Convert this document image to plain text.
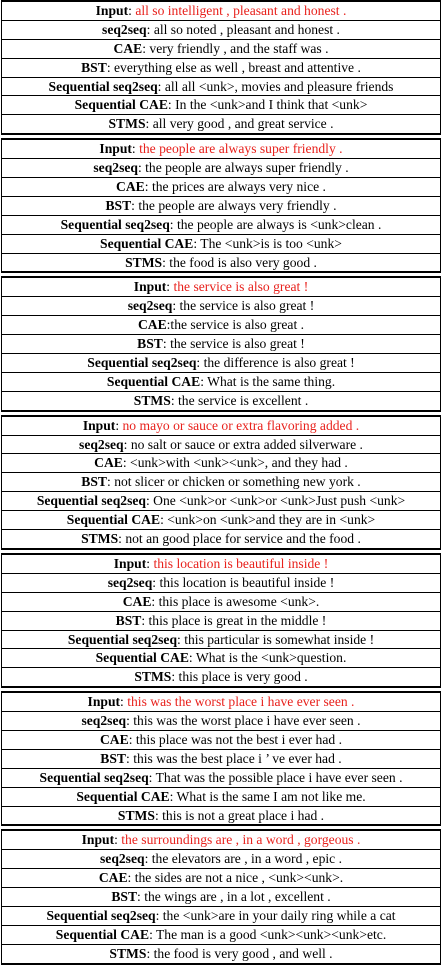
Input: all so intelligent , pleasant and honest .
seq2seq: all so noted , pleasant and honest .
CAE: very friendly , and the staff was .
BST: everything else as well , breast and attentive .
Sequential seq2seq: all all <unk>, movies and pleasure friends
Sequential CAE: In the <unk>and I think that <unk>
STMS: all very good , and great service .
Input: the people are always super friendly .
seq2seq: the people are always super friendly .
CAE: the prices are always very nice .
BST: the people are always very friendly .
Sequential seq2seq: the people are always is <unk>clean .
Sequential CAE: The <unk>is is too <unk>
STMS: the food is also very good .
Input: the service is also great !
seq2seq: the service is also great !
CAE:the service is also great .
BST: the service is also great !
Sequential seq2seq: the difference is also great !
Sequential CAE: What is the same thing.
STMS: the service is excellent .
Input: no mayo or sauce or extra flavoring added .
seq2seq: no salt or sauce or extra added silverware .
CAE: <unk>with <unk><unk>, and they had .
BST: not slicer or chicken or something new york .
Sequential seq2seq: One <unk>or <unk>or <unk>Just push <unk>
Sequential CAE: <unk>on <unk>and they are in <unk>
STMS: not an good place for service and the food .
Input: this location is beautiful inside !
seq2seq: this location is beautiful inside !
CAE: this place is awesome <unk>.
BST: this place is great in the middle !
Sequential seq2seq: this particular is somewhat inside !
Sequential CAE: What is the <unk>question.
STMS: this place is very good .
Input: this was the worst place i have ever seen .
seq2seq: this was the worst place i have ever seen .
CAE: this place was not the best i ever had .
BST: this was the best place i ’ ve ever had .
Sequential seq2seq: That was the possible place i have ever seen .
Sequential CAE: What is the same I am not like me.
STMS: this is not a great place i had .
Input: the surroundings are , in a word , gorgeous .
seq2seq: the elevators are , in a word , epic .
CAE: the sides are not a nice , <unk><unk>.
BST: the wings are , in a lot , excellent .
Sequential seq2seq: the <unk>are in your daily ring while a cat
Sequential CAE: The man is a good <unk><unk><unk>etc.
STMS: the food is very good , and well .
